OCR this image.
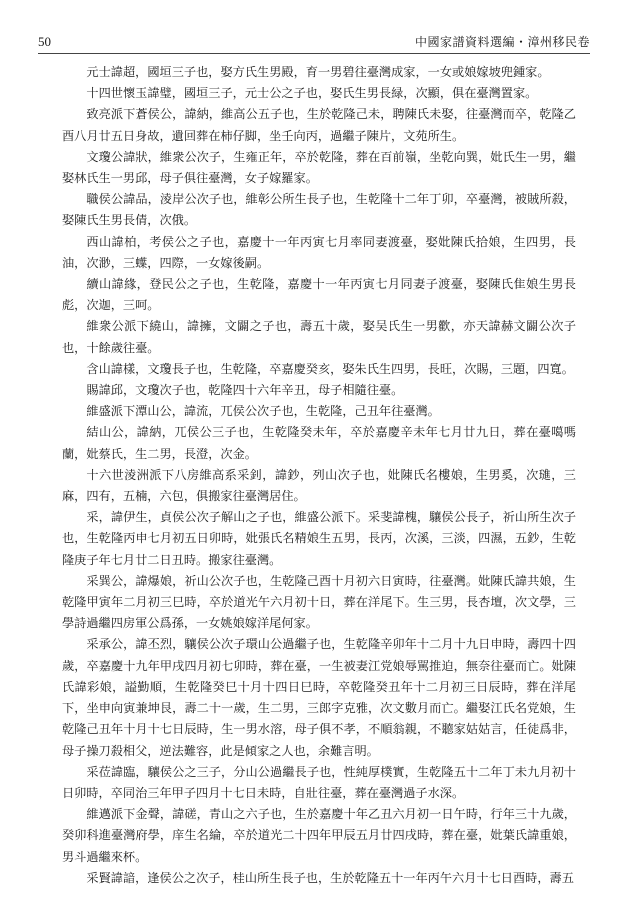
50	中國家譜資料選編・漳州移民卷

元士諱超，國垣三子也，娶方氏生男殿，育一男碧往臺灣成家，一女或娘嫁坡兜鍾家。

十四世懷玉諱璧，國垣三子，元士公之子也，娶氏生男長緑，次顯，俱在臺灣置家。

致亮派下蒼侯公，諱納，維高公五子也，生於乾隆己未，聘陳氏未娶，往臺灣而卒，乾隆乙酉八月廿五日身故，遺回葬在柿仔脚，坐壬向丙，過繼子陳片，文苑所生。

文瓊公諱狀，維衆公次子，生雍正年，卒於乾隆，葬在百前嶺，坐乾向巽，妣氏生一男，繼娶林氏生一男邱，母子俱往臺灣，女子嫁羅家。

職侯公諱品，淩岸公次子也，維彰公所生長子也，生乾隆十二年丁卯，卒臺灣，被賊所殺，娶陳氏生男長倩，次俄。

西山諱柏，考侯公之子也，嘉慶十一年丙寅七月率同妻渡臺，娶妣陳氏拾娘，生四男，長油，次渺，三蠂，四際，一女嫁後嗣。

續山諱緣，登民公之子也，生乾隆，嘉慶十一年丙寅七月同妻子渡臺，娶陳氏隹娘生男長彪，次迦，三呵。

維衆公派下繞山，諱擁，文闢之子也，壽五十歲，娶吴氏生一男歡，亦天諱赫文闢公次子也，十餘歲往臺。

含山諱樣，文瓊長子也，生乾隆，卒嘉慶癸亥，娶朱氏生四男，長旺，次賜，三題，四寬。

賜諱邱，文瓊次子也，乾隆四十六年辛丑，母子相隨往臺。

維盛派下潭山公，諱流，兀侯公次子也，生乾隆，己丑年往臺灣。

結山公，諱納，兀侯公三子也，生乾隆癸未年，卒於嘉慶辛未年七月廿九日，葬在臺噶嗎蘭，妣蔡氏，生二男，長澄，次金。

十六世淩洲派下八房維高系采釗，諱鈔，列山次子也，妣陳氏名樓娘，生男奚，次璡，三麻，四有，五楠，六包，俱搬家往臺灣居住。

采，諱伊生，貞侯公次子解山之子也，維盛公派下。采斐諱槐，驤侯公長子，祈山所生次子也，生乾隆丙申七月初五日卯時，妣張氏名精娘生五男，長丙，次溪，三淡，四濕，五鈔，生乾隆庚子年七月廿二日丑時。搬家往臺灣。

采巽公，諱爆娘，祈山公次子也，生乾隆己酉十月初六日寅時，往臺灣。妣陳氏諱共娘，生乾隆甲寅年二月初三巳時，卒於道光午六月初十日，葬在洋尾下。生三男，長杏壇，次文學，三學詩過繼四房軍公爲孫，一女姚娘嫁洋尾何家。

采承公，諱丕烈，驤侯公次子環山公過繼子也，生乾隆辛卯年十二月十九日申時，壽四十四歲，卒嘉慶十九年甲戌四月初七卯時，葬在臺，一生被妻江党娘辱駡推迫，無奈往臺而亡。妣陳氏諱彩娘，謚勤順，生乾隆癸巳十月十四日巳時，卒乾隆癸丑年十二月初三日辰時，葬在洋尾下，坐申向寅兼坤艮，壽二十一歲，生二男，三郎字克雅，次文數月而亡。繼娶江氏名党娘，生乾隆己丑年十月十七日辰時，生一男水溶，母子俱不孝，不順翁親，不聽家姑姑言，任徒爲非，母子操刀殺相父，逆法難容，此是傾家之人也，余難言明。

采莅諱臨，驤侯公之三子，分山公過繼長子也，性純厚樸實，生乾隆五十二年丁未九月初十日卯時，卒同治三年甲子四月十七日未時，自壯往臺，葬在臺灣過子水深。

維邁派下金聲，諱磋，青山之六子也，生於嘉慶十年乙丑六月初一日午時，行年三十九歲，癸卯科進臺灣府學，庠生名綸，卒於道光二十四年甲辰五月廿四戌時，葬在臺，妣葉氏諱重娘，男斗過繼來杯。

采賢諱諳，逢侯公之次子，桂山所生長子也，生於乾隆五十一年丙午六月十七日酉時，壽五
